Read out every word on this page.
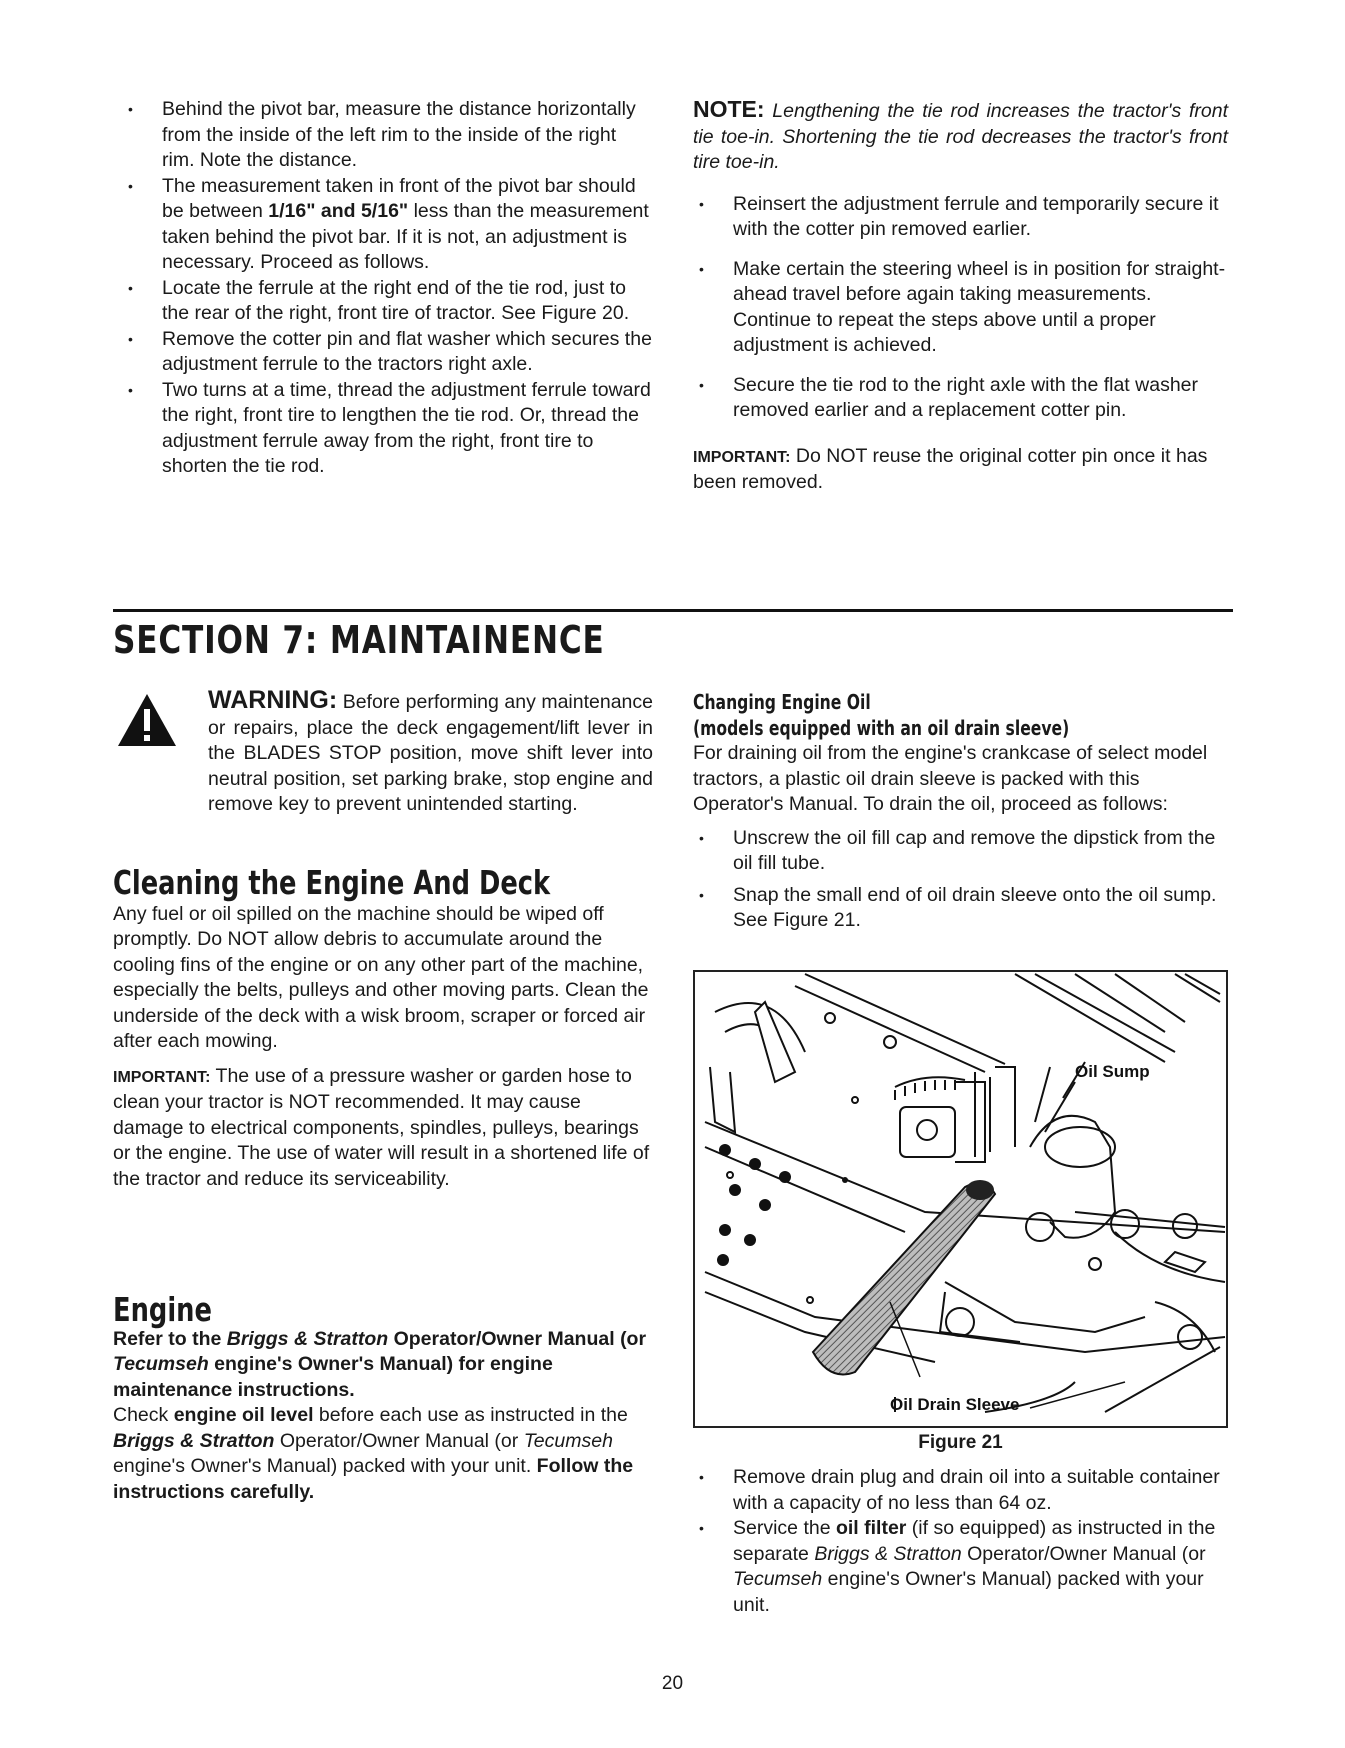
• Behind the pivot bar, measure the distance horizontally from the inside of the left rim to the inside of the right rim. Note the distance.

• The measurement taken in front of the pivot bar should be between 1/16" and 5/16" less than the measurement taken behind the pivot bar. If it is not, an adjustment is necessary. Proceed as follows.

• Locate the ferrule at the right end of the tie rod, just to the rear of the right, front tire of tractor. See Figure 20.

• Remove the cotter pin and flat washer which secures the adjustment ferrule to the tractors right axle.

• Two turns at a time, thread the adjustment ferrule toward the right, front tire to lengthen the tie rod. Or, thread the adjustment ferrule away from the right, front tire to shorten the tie rod.

NOTE: Lengthening the tie rod increases the tractor's front tie toe-in. Shortening the tie rod decreases the tractor's front tire toe-in.

• Reinsert the adjustment ferrule and temporarily secure it with the cotter pin removed earlier.

• Make certain the steering wheel is in position for straight-ahead travel before again taking measurements. Continue to repeat the steps above until a proper adjustment is achieved.

• Secure the tie rod to the right axle with the flat washer removed earlier and a replacement cotter pin.

IMPORTANT: Do NOT reuse the original cotter pin once it has been removed.

SECTION 7: MAINTAINENCE
WARNING: Before performing any maintenance or repairs, place the deck engagement/lift lever in the BLADES STOP position, move shift lever into neutral position, set parking brake, stop engine and remove key to prevent unintended starting.
Cleaning the Engine And Deck

Any fuel or oil spilled on the machine should be wiped off promptly. Do NOT allow debris to accumulate around the cooling fins of the engine or on any other part of the machine, especially the belts, pulleys and other moving parts. Clean the underside of the deck with a wisk broom, scraper or forced air after each mowing.

IMPORTANT: The use of a pressure washer or garden hose to clean your tractor is NOT recommended. It may cause damage to electrical components, spindles, pulleys, bearings or the engine. The use of water will result in a shortened life of the tractor and reduce its serviceability.

Engine

Refer to the Briggs & Stratton Operator/Owner Manual (or Tecumseh engine's Owner's Manual) for engine maintenance instructions.

Check engine oil level before each use as instructed in the Briggs & Stratton Operator/Owner Manual (or Tecumseh engine's Owner's Manual) packed with your unit. Follow the instructions carefully.

Changing Engine Oil

(models equipped with an oil drain sleeve)

For draining oil from the engine's crankcase of select model tractors, a plastic oil drain sleeve is packed with this Operator's Manual. To drain the oil, proceed as follows:

• Unscrew the oil fill cap and remove the dipstick from the oil fill tube.

• Snap the small end of oil drain sleeve onto the oil sump. See Figure 21.

Oil Sump
Oil Drain Sleeve
Figure 21

• Remove drain plug and drain oil into a suitable container with a capacity of no less than 64 oz.

• Service the oil filter (if so equipped) as instructed in the separate Briggs & Stratton Operator/Owner Manual (or Tecumseh engine's Owner's Manual) packed with your unit.

20
